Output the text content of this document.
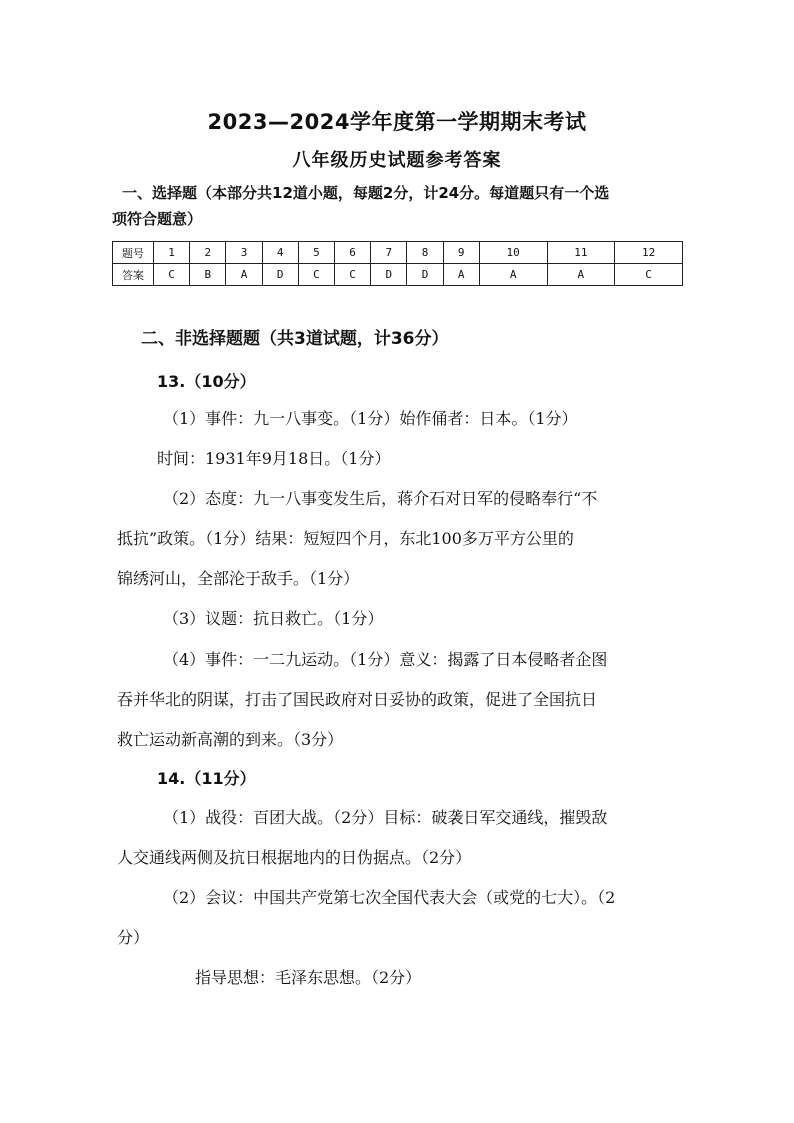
2023—2024学年度第一学期期末考试
八年级历史试题参考答案
一、选择题（本部分共12道小题，每题2分，计24分。每道题只有一个选
项符合题意）
题号	1	2	3	4	5	6	7	8	9	10	11	12
答案	C	B	A	D	C	C	D	D	A	A	A	C
二、非选择题题（共3道试题，计36分）
13.（10分）
（1）事件：九一八事变。（1分）始作俑者：日本。（1分）
时间：1931年9月18日。（1分）
（2）态度：九一八事变发生后，蒋介石对日军的侵略奉行“不
抵抗”政策。（1分）结果：短短四个月，东北100多万平方公里的
锦绣河山，全部沦于敌手。（1分）
（3）议题：抗日救亡。（1分）
（4）事件：一二九运动。（1分）意义：揭露了日本侵略者企图
吞并华北的阴谋，打击了国民政府对日妥协的政策，促进了全国抗日
救亡运动新高潮的到来。（3分）
14.（11分）
（1）战役：百团大战。（2分）目标：破袭日军交通线，摧毁敌
人交通线两侧及抗日根据地内的日伪据点。（2分）
（2）会议：中国共产党第七次全国代表大会（或党的七大）。（2
分）
指导思想：毛泽东思想。（2分）
